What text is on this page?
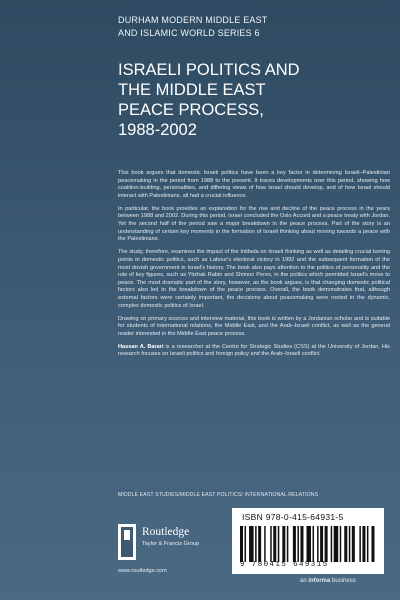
DURHAM MODERN MIDDLE EAST
AND ISLAMIC WORLD SERIES 6
ISRAELI POLITICS AND
THE MIDDLE EAST
PEACE PROCESS,
1988-2002

This book argues that domestic Israeli politics have been a key factor in determining Israeli–Palestinian peacemaking in the period from 1988 to the present. It traces developments over this period, showing how coalition-building, personalities, and differing views of how Israel should develop, and of how Israel should interact with Palestinians, all had a crucial influence.

In particular, the book provides an explanation for the rise and decline of the peace process in the years between 1988 and 2002. During this period, Israel concluded the Oslo Accord and a peace treaty with Jordan. Yet the second half of the period saw a major breakdown in the peace process. Part of the story is an understanding of certain key moments in the formation of Israeli thinking about moving towards a peace with the Palestinians.

The study, therefore, examines the impact of the Intifada on Israeli thinking as well as detailing crucial turning points in domestic politics, such as Labour's electoral victory in 1992 and the subsequent formation of the most dovish government in Israel's history. The book also pays attention to the politics of personality and the role of key figures, such as Yitzhak Rabin and Shimon Peres, in the politics which permitted Israel's move to peace. The most dramatic part of the story, however, as the book argues, is that changing domestic political factors also led to the breakdown of the peace process. Overall, the book demonstrates that, although external factors were certainly important, the decisions about peacemaking were rooted in the dynamic, complex domestic politics of Israel.

Drawing on primary sources and interview material, this book is written by a Jordanian scholar and is suitable for students of international relations, the Middle East, and the Arab–Israeli conflict, as well as the general reader interested in the Middle East peace process.

Hassan A. Barari is a researcher at the Centre for Strategic Studies (CSS) at the University of Jordan. His research focuses on Israeli politics and foreign policy and the Arab–Israeli conflict.

MIDDLE EAST STUDIES/MIDDLE EAST POLITICS/ INTERNATIONAL RELATIONS
Routledge
Taylor & Francis Group
www.routledge.com
ISBN 978-0-415-64931-5
9 780415 649315
an informa business
